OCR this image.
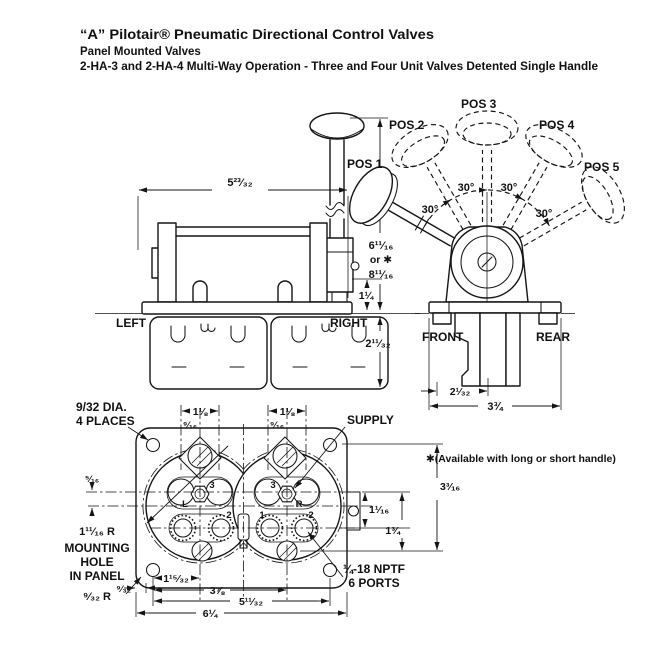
“A” Pilotair® Pneumatic Directional Control Valves
Panel Mounted Valves
2-HA-3 and 2-HA-4 Multi-Way Operation - Three and Four Unit Valves Detented Single Handle
5²³⁄₃₂
6¹¹⁄₁₆
or ✱
8¹¹⁄₁₆
1¼
2¹¹⁄₃₂
LEFT	RIGHT
POS 1
POS 2
POS 3
POS 4
POS 5
30°
30° 30°
30°
FRONT	REAR
2¹⁄₃₂
3¾
✱(Available with long or short handle)
1⅛	1⅛
⁹⁄₁₆	⁹⁄₁₆
⁵⁄₁₆
9/32 DIA.
4 PLACES	SUPPLY
1¹¹⁄₁₆ R
MOUNTING
HOLE
IN PANEL
⁹⁄₃₂ R
1¹⁄₁₆
1¾
3³⁄₁₆
⁹⁄₃₂
1¹⁵⁄₃₂
3⅞
5¹¹⁄₃₂
6¼
¼-18 NPTF
6 PORTS
3
L
2
3
R
1	2
